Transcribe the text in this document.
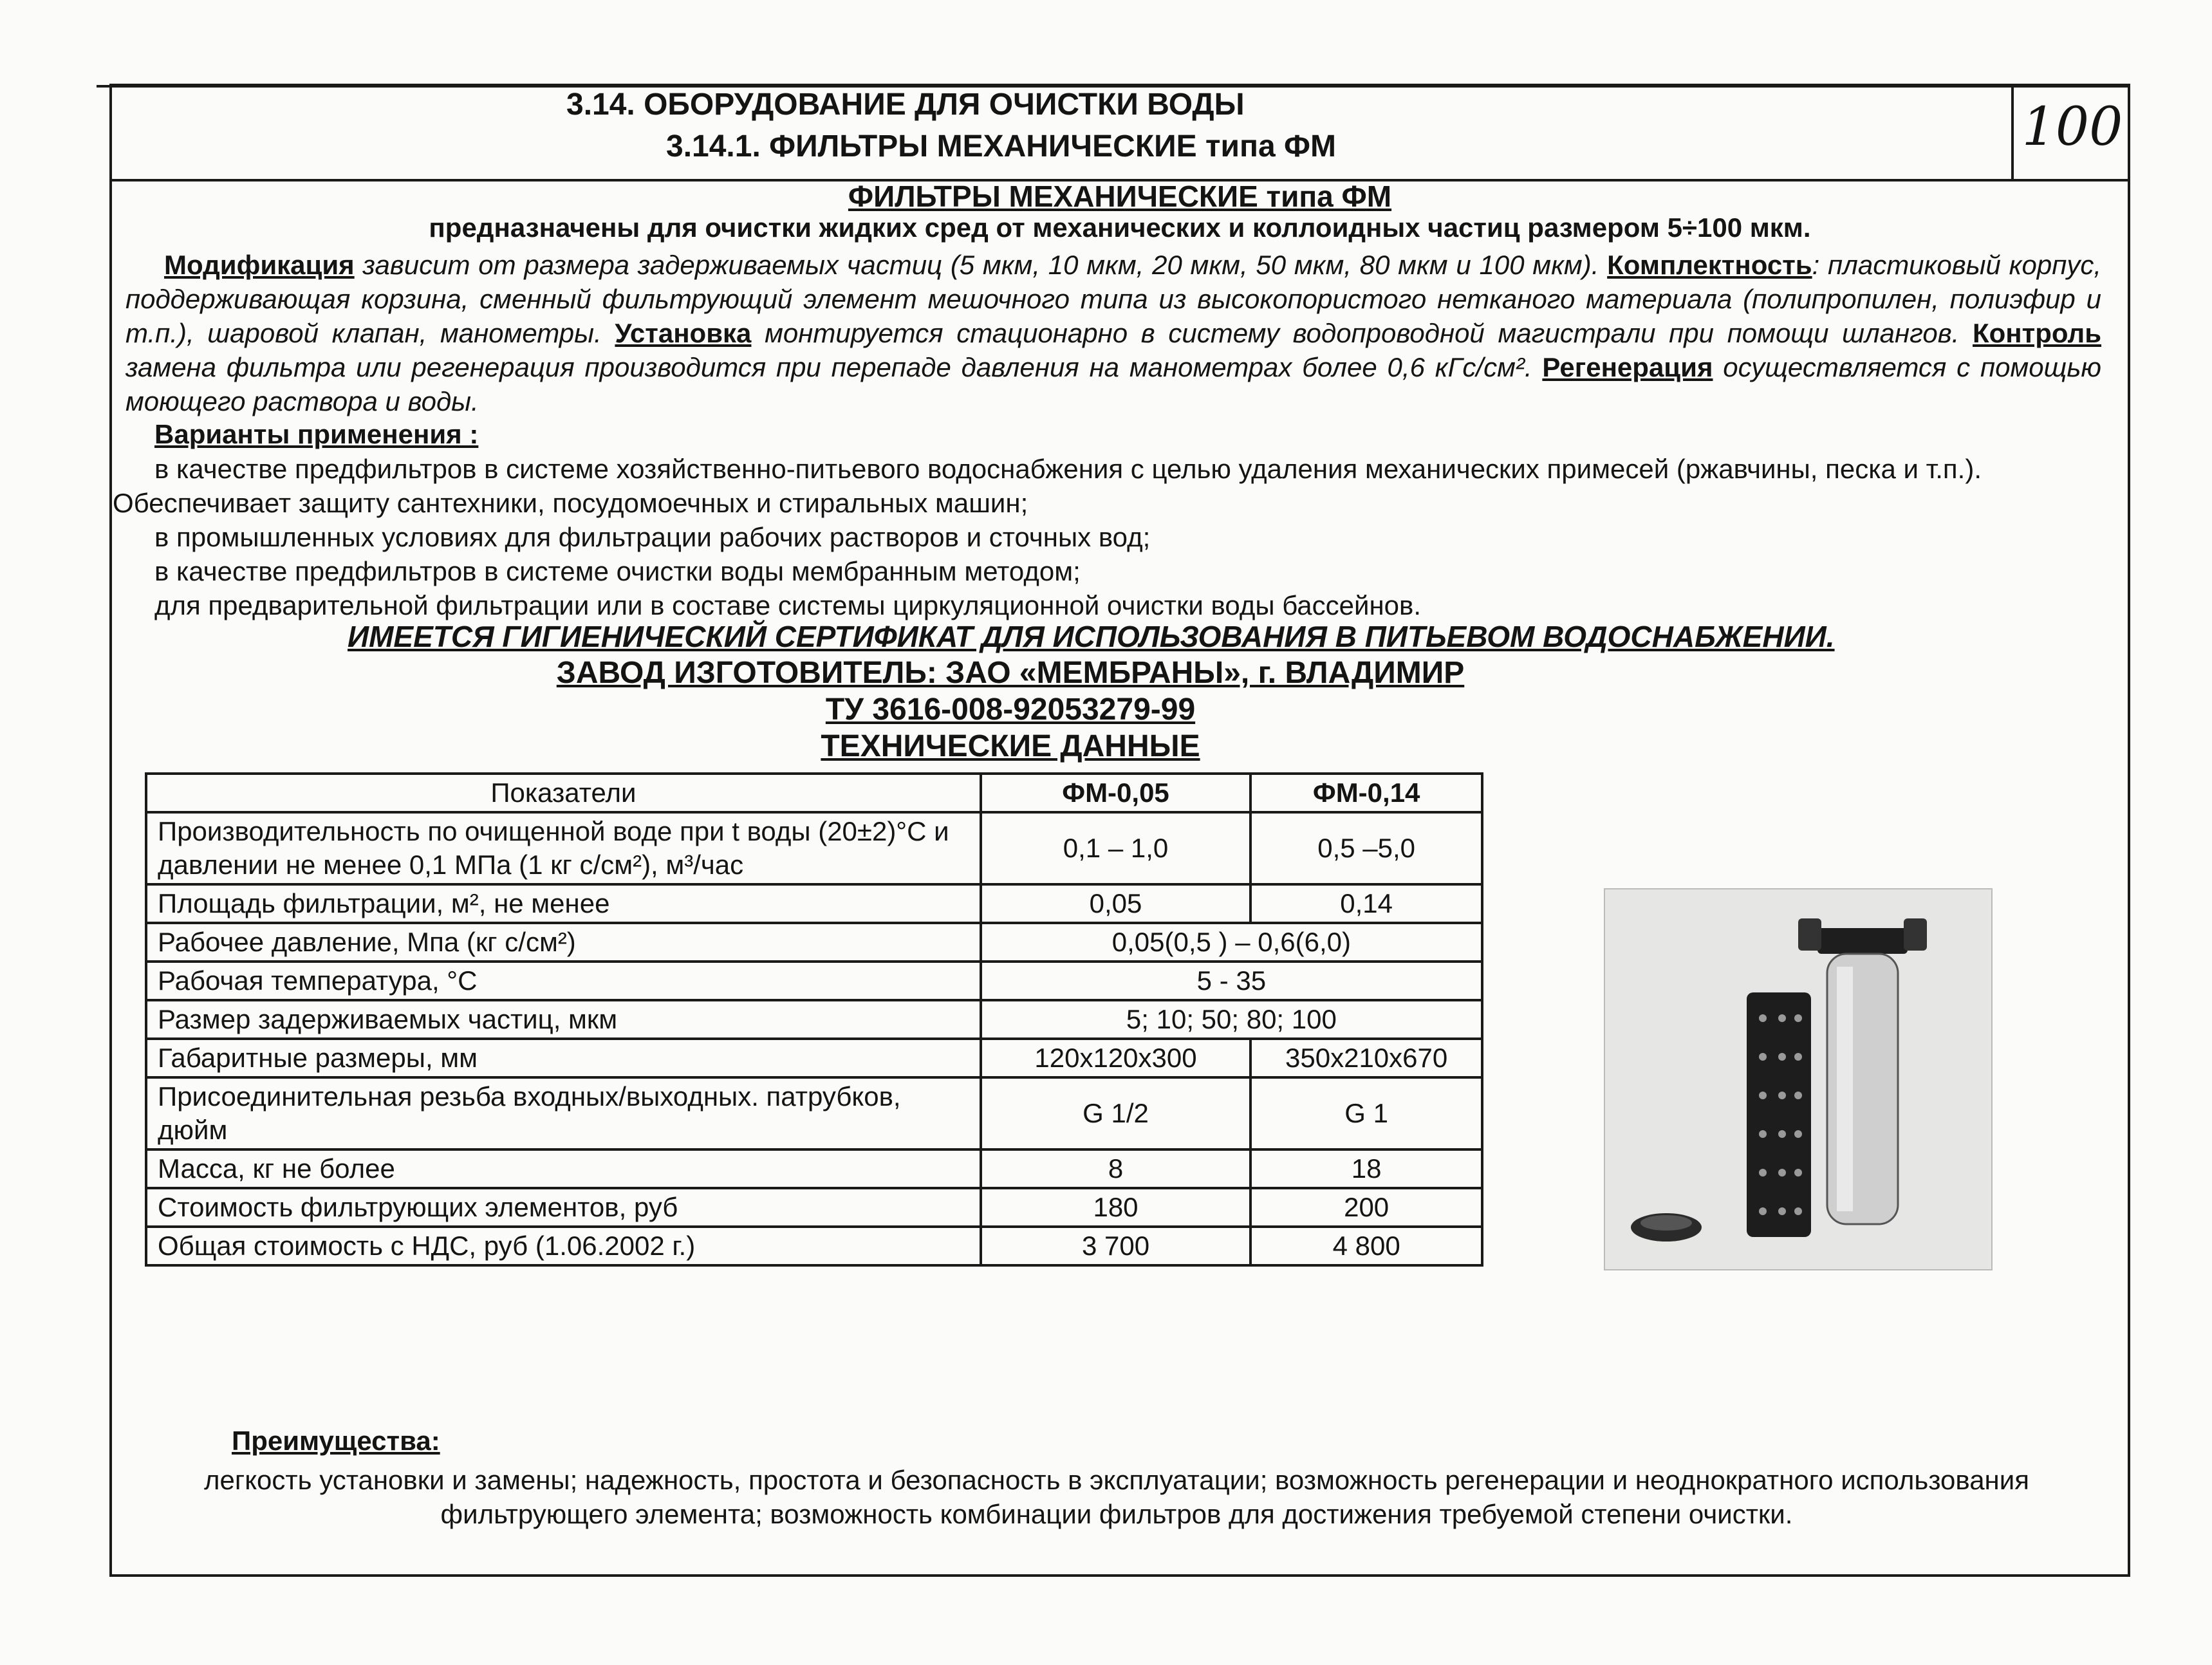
3.14. ОБОРУДОВАНИЕ ДЛЯ ОЧИСТКИ ВОДЫ
3.14.1. ФИЛЬТРЫ МЕХАНИЧЕСКИЕ типа ФМ	100
ФИЛЬТРЫ МЕХАНИЧЕСКИЕ типа ФМ
предназначены для очистки жидких сред от механических и коллоидных частиц размером 5÷100 мкм.
Модификация зависит от размера задерживаемых частиц (5 мкм, 10 мкм, 20 мкм, 50 мкм, 80 мкм и 100 мкм). Комплектность: пластиковый корпус, поддерживающая корзина, сменный фильтрующий элемент мешочного типа из высокопористого нетканого материала (полипропилен, полиэфир и т.п.), шаровой клапан, манометры. Установка монтируется стационарно в систему водопроводной магистрали при помощи шлангов. Контроль замена фильтра или регенерация производится при перепаде давления на манометрах более 0,6 кГс/см². Регенерация осуществляется с помощью моющего раствора и воды.
Варианты применения :
в качестве предфильтров в системе хозяйственно-питьевого водоснабжения с целью удаления механических примесей (ржавчины, песка и т.п.). Обеспечивает защиту сантехники, посудомоечных и стиральных машин;
в промышленных условиях для фильтрации рабочих растворов и сточных вод;
в качестве предфильтров в системе очистки воды мембранным методом;
для предварительной фильтрации или в составе системы циркуляционной очистки воды бассейнов.
ИМЕЕТСЯ ГИГИЕНИЧЕСКИЙ СЕРТИФИКАТ ДЛЯ ИСПОЛЬЗОВАНИЯ В ПИТЬЕВОМ ВОДОСНАБЖЕНИИ.
ЗАВОД ИЗГОТОВИТЕЛЬ: ЗАО «МЕМБРАНЫ», г. ВЛАДИМИР
ТУ 3616-008-92053279-99
ТЕХНИЧЕСКИЕ ДАННЫЕ
Показатели	ФМ-0,05	ФМ-0,14
Производительность по очищенной воде при t воды (20±2)°C и давлении не менее 0,1 МПа (1 кг с/см²), м³/час	0,1 – 1,0	0,5 –5,0
Площадь фильтрации, м², не менее	0,05	0,14
Рабочее давление, Мпа (кг с/см²)	0,05(0,5 ) – 0,6(6,0)	
Рабочая температура, °C	5 - 35	
Размер задерживаемых частиц, мкм	5; 10; 50; 80; 100	
Габаритные размеры, мм	120x120x300	350x210x670
Присоединительная резьба входных/выходных. патрубков, дюйм	G 1/2	G 1
Масса, кг не более	8	18
Стоимость фильтрующих элементов, руб	180	200
Общая стоимость с НДС, руб (1.06.2002 г.)	3 700	4 800
Преимущества:
легкость установки и замены; надежность, простота и безопасность в эксплуатации; возможность регенерации и неоднократного использования фильтрующего элемента; возможность комбинации фильтров для достижения требуемой степени очистки.
